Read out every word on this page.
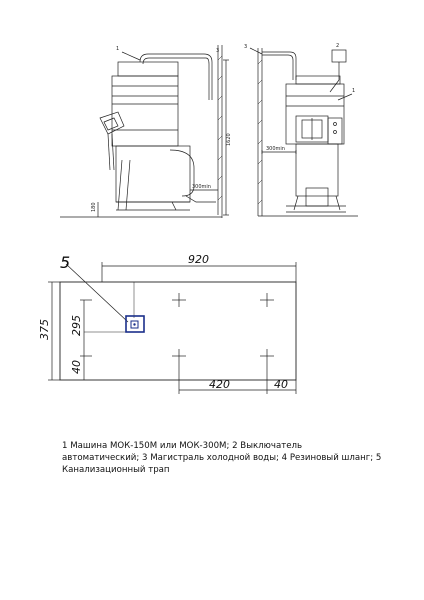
1	3
3	2
1
1620
300min
180
300min
5	920
375 295
40
420	40
1 Машина МОК-150М или МОК-300М; 2 Выключатель автоматический; 3 Магистраль холодной воды; 4 Резиновый шланг; 5 Канализационный трап
